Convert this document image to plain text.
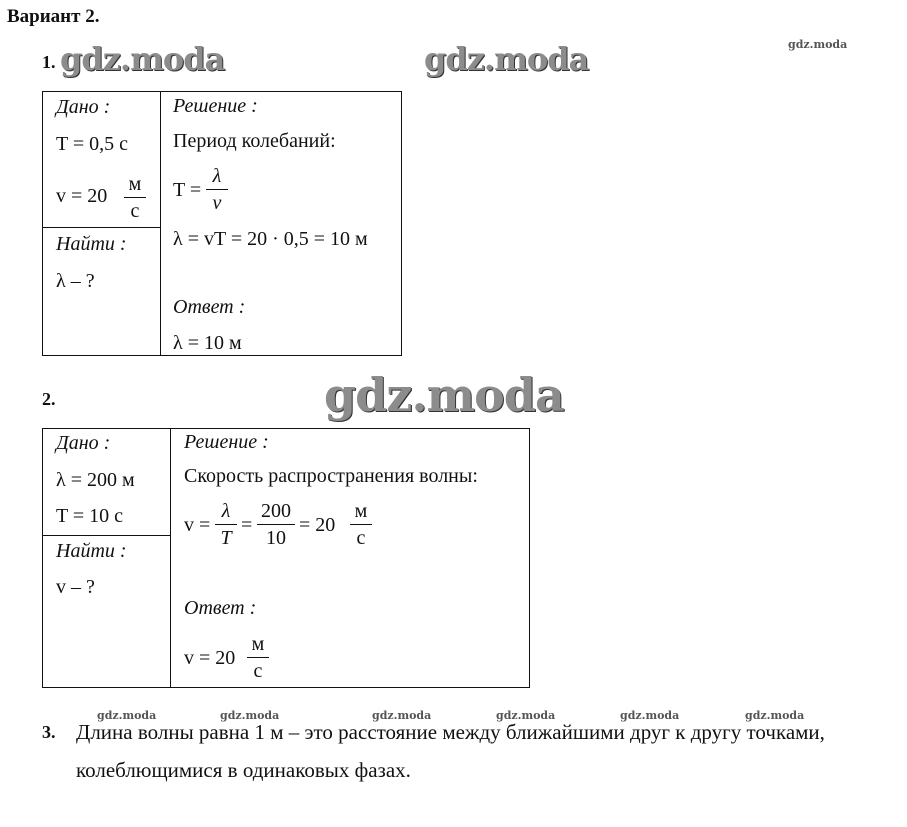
Вариант 2.
gdz.moda
1. gdz.moda	gdz.moda
Дано :
T = 0,5 с
v = 20
м
с
Найти :
λ – ?
Решение :
Период колебаний:
T =
λ
v
λ = vT = 20 · 0,5 = 10 м
Ответ :
λ = 10 м
2.	gdz.moda
Дано :
λ = 200 м
T = 10 с
Найти :
v – ?
Решение :
Скорость распространения волны:
v =
λ
T
=
200
10
= 20
м
с
Ответ :
v = 20
м
с
gdz.moda	gdz.moda	gdz.moda	gdz.moda	gdz.moda	gdz.moda
3. Длина волны равна 1 м – это расстояние между ближайшими друг к другу точками,
колеблющимися в одинаковых фазах.
